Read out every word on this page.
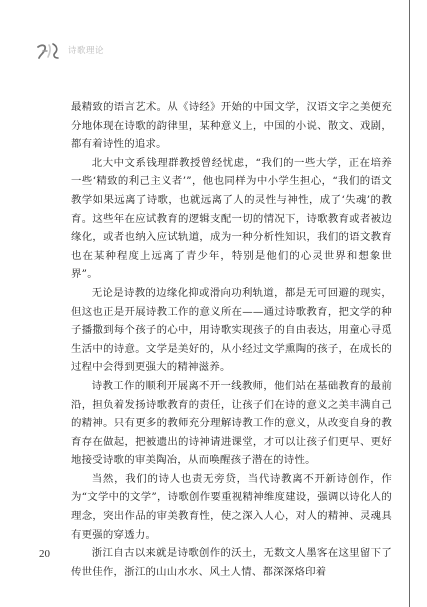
诗歌理论

最精致的语言艺术。从《诗经》开始的中国文学，汉语文字之美便充分地体现在诗歌的韵律里，某种意义上，中国的小说、散文、戏剧，都有着诗性的追求。

北大中文系钱理群教授曾经忧虑，“我们的一些大学，正在培养一些‘精致的利己主义者’”，他也同样为中小学生担心，“我们的语文教学如果远离了诗歌，也就远离了人的灵性与神性，成了‘失魂’的教育。这些年在应试教育的逻辑支配一切的情况下，诗歌教育或者被边缘化，或者也纳入应试轨道，成为一种分析性知识，我们的语文教育也在某种程度上远离了青少年，特别是他们的心灵世界和想象世界”。

无论是诗教的边缘化抑或滑向功利轨道，都是无可回避的现实，但这也正是开展诗教工作的意义所在——通过诗歌教育，把文学的种子播撒到每个孩子的心中，用诗歌实现孩子的自由表达，用童心寻觅生活中的诗意。文学是美好的，从小经过文学熏陶的孩子，在成长的过程中会得到更强大的精神滋养。

诗教工作的顺利开展离不开一线教师，他们站在基础教育的最前沿，担负着发扬诗歌教育的责任，让孩子们在诗的意义之美丰满自己的精神。只有更多的教师充分理解诗教工作的意义，从改变自身的教育存在做起，把被遗出的诗神请进课堂，才可以让孩子们更早、更好地接受诗歌的审美陶冶，从而唤醒孩子潜在的诗性。

当然，我们的诗人也责无旁贷，当代诗教离不开新诗创作，作为“文学中的文学”，诗歌创作要重视精神维度建设，强调以诗化人的理念，突出作品的审美教育性，使之深入人心，对人的精神、灵魂具有更强的穿透力。

浙江自古以来就是诗歌创作的沃土，无数文人墨客在这里留下了传世佳作，浙江的山山水水、风土人情、都深深烙印着

20
